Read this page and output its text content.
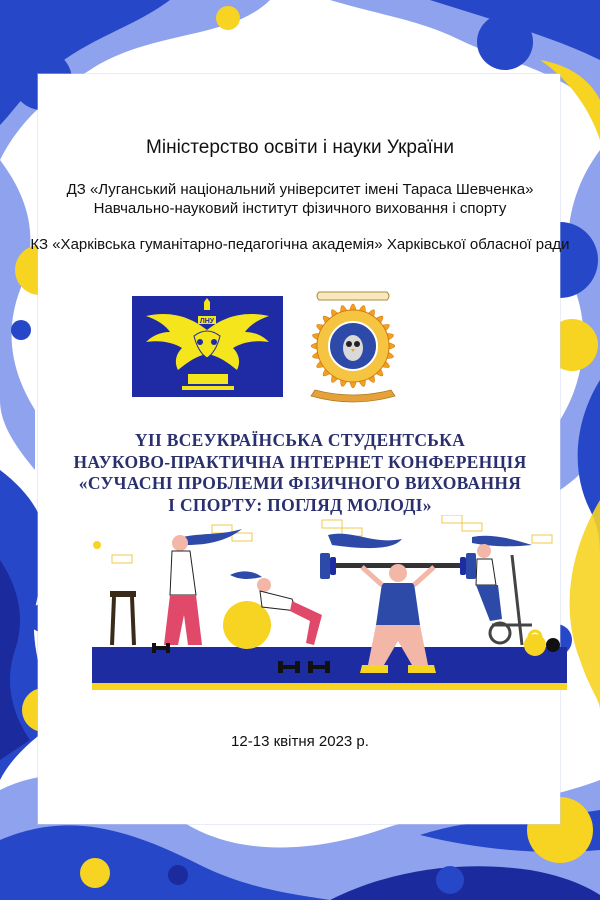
Міністерство освіти і науки України
ДЗ «Луганський національний університет імені Тараса Шевченка»
Навчально-науковий інститут фізичного виховання і спорту
КЗ «Харківська гуманітарно-педагогічна академія» Харківської обласної ради
ЛНУ
YII ВСЕУКРАЇНСЬКА СТУДЕНТСЬКА
НАУКОВО-ПРАКТИЧНА ІНТЕРНЕТ КОНФЕРЕНЦІЯ
«СУЧАСНІ ПРОБЛЕМИ ФІЗИЧНОГО ВИХОВАННЯ
І СПОРТУ: ПОГЛЯД МОЛОДІ»
12-13 квітня 2023 р.
